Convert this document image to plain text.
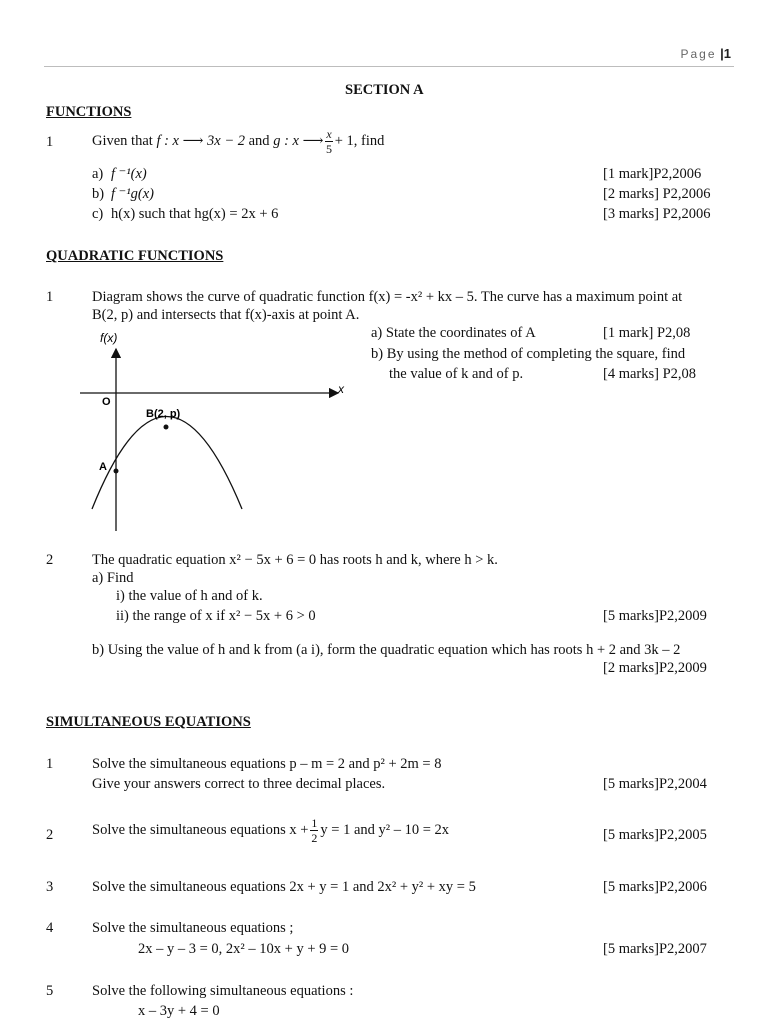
Page |1
SECTION A
FUNCTIONS
1	Given that
f : x ⟶ 3x − 2
and
g : x ⟶ $\frac{x}{5} + 1$, find
a) f ⁻¹(x)	[1 mark]P2,2006
b) f ⁻¹g(x)	[2 marks] P2,2006
c) h(x) such that hg(x) = 2x + 6	[3 marks] P2,2006
QUADRATIC FUNCTIONS
1	Diagram shows the curve of quadratic function f(x) = -x² + kx – 5. The curve has a maximum point at
B(2, p) and intersects that f(x)-axis at point A.
a) State the coordinates of A	[1 mark] P2,08
b) By using the method of completing the square, find
the value of k and of p.	[4 marks] P2,08
f(x)
x
O
B(2, p)
A
2	The quadratic equation x² − 5x + 6 = 0 has roots h and k, where h > k.
a) Find
i) the value of h and of k.
ii) the range of x if x² − 5x + 6 > 0	[5 marks]P2,2009
b) Using the value of h and k from (a i), form the quadratic equation which has roots h + 2 and 3k – 2
[2 marks]P2,2009
SIMULTANEOUS EQUATIONS
1	Solve the simultaneous equations p – m = 2 and p² + 2m = 8
Give your answers correct to three decimal places.	[5 marks]P2,2004
2	Solve the simultaneous equations $x + \frac{1}{2}$ y = 1 and y² – 10 = 2x	[5 marks]P2,2005
3	Solve the simultaneous equations 2x + y = 1 and 2x² + y² + xy = 5	[5 marks]P2,2006
4	Solve the simultaneous equations ;
2x – y – 3 = 0, 2x² – 10x + y + 9 = 0	[5 marks]P2,2007
5	Solve the following simultaneous equations :
x – 3y + 4 = 0
